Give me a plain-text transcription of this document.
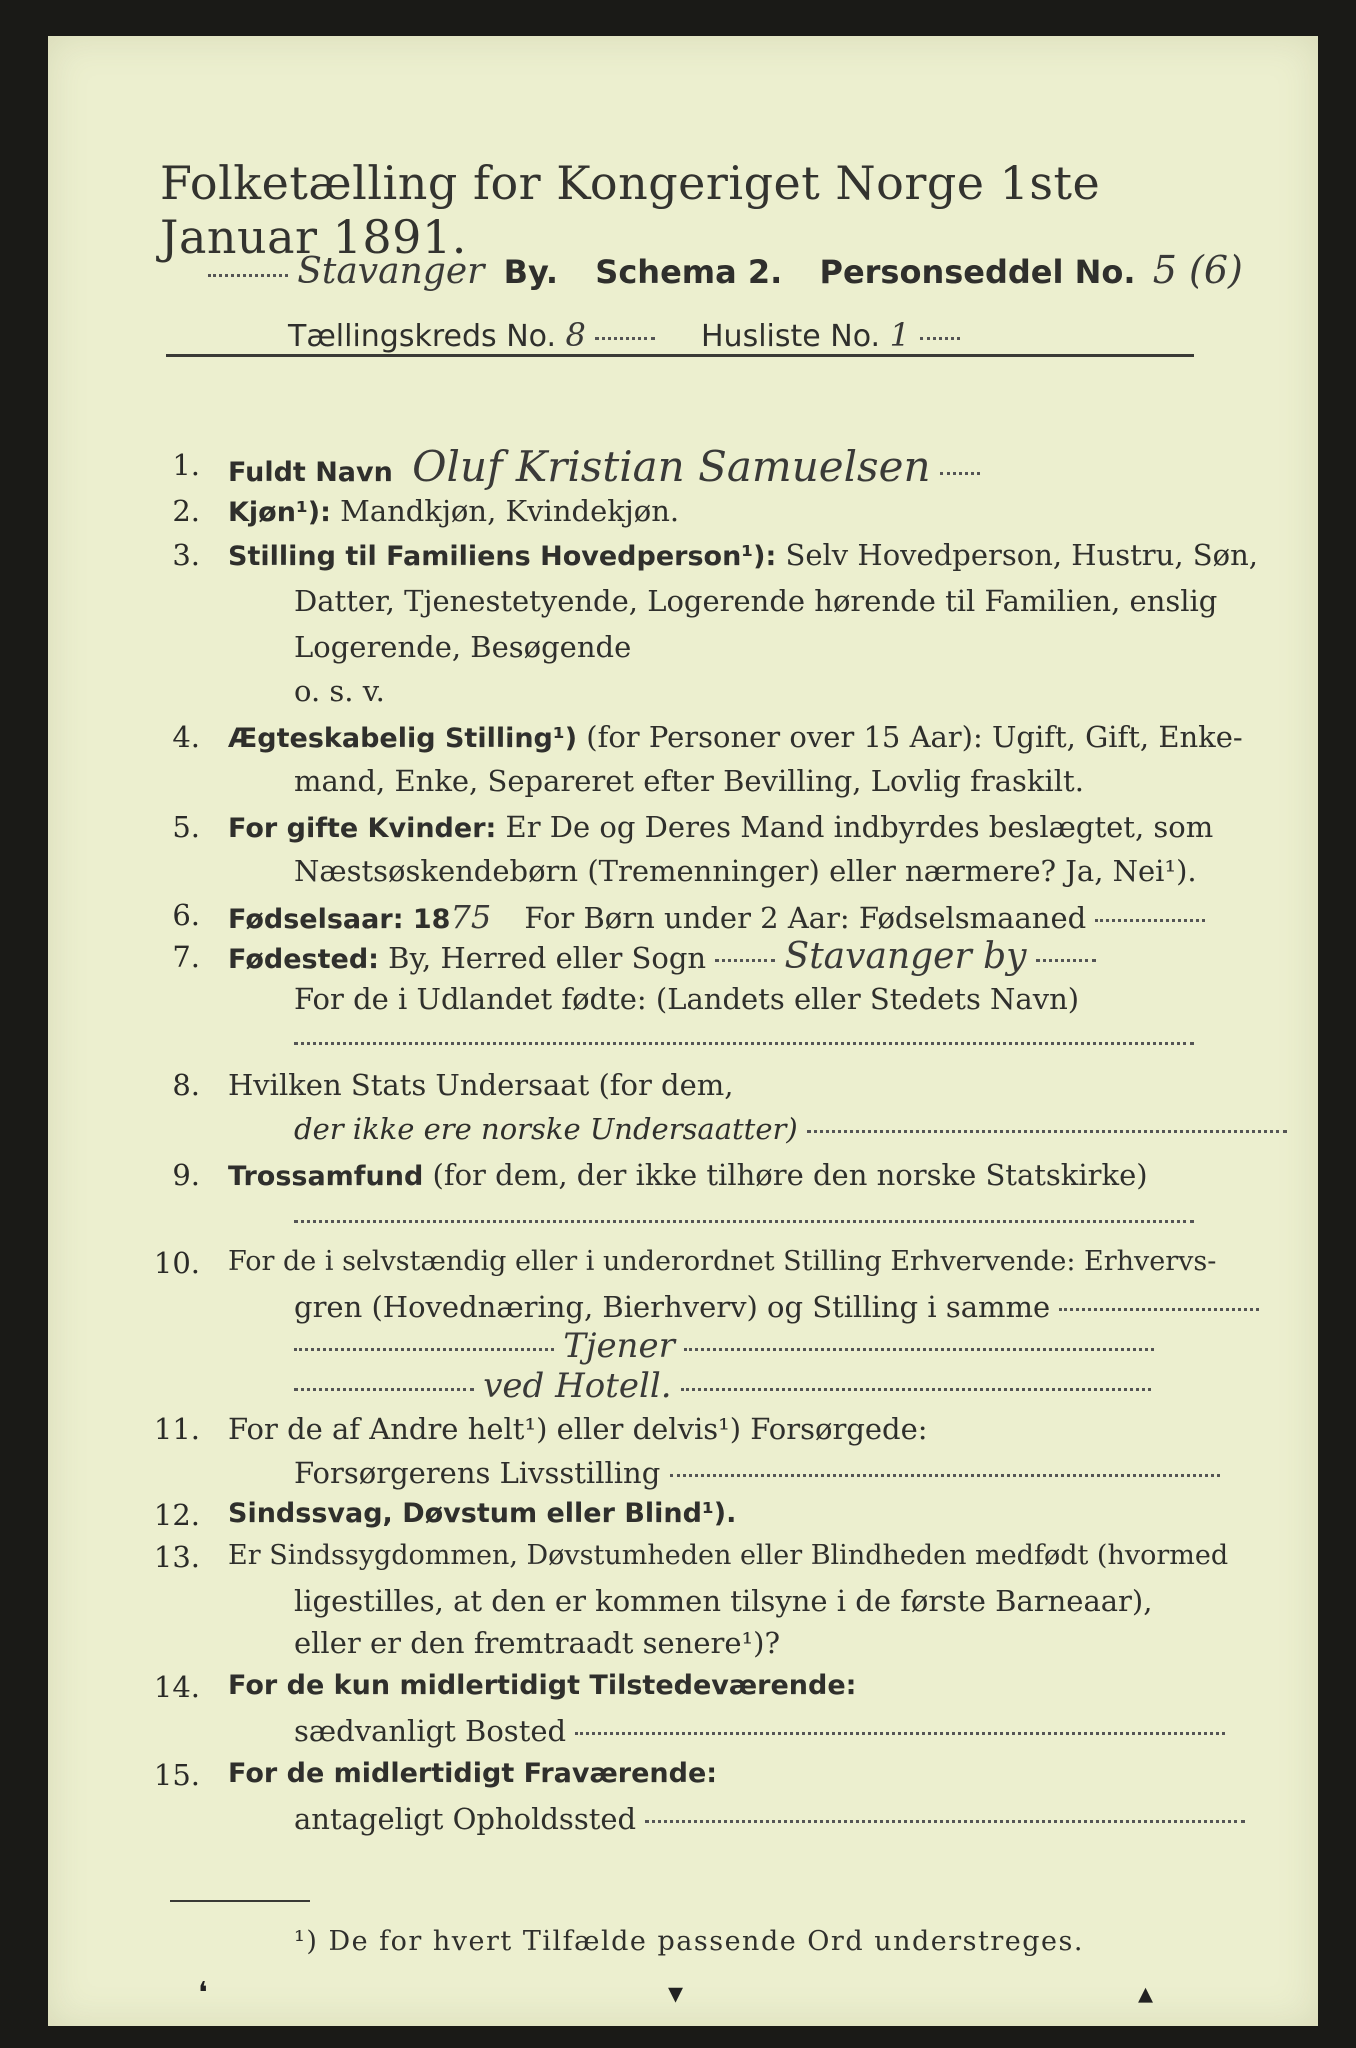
Folketælling for Kongeriget Norge 1ste Januar 1891.
Stavanger By. Schema 2. Personseddel No. 5 (6)
Tællingskreds No. 8	Husliste No. 1
1. Fuldt Navn Oluf Kristian Samuelsen
2. Kjøn¹): Mandkjøn, Kvindekjøn.
3. Stilling til Familiens Hovedperson¹): Selv Hovedperson, Hustru, Søn,
Datter, Tjenestetyende, Logerende hørende til Familien, enslig
Logerende, Besøgende
o. s. v.
4. Ægteskabelig Stilling¹) (for Personer over 15 Aar): Ugift, Gift, Enke-
mand, Enke, Separeret efter Bevilling, Lovlig fraskilt.
5. For gifte Kvinder: Er De og Deres Mand indbyrdes beslægtet, som
Næstsøskendebørn (Tremenninger) eller nærmere? Ja, Nei¹).
6. Fødselsaar: 1875 For Børn under 2 Aar: Fødselsmaaned
7. Fødested: By, Herred eller Sogn Stavanger by
For de i Udlandet fødte: (Landets eller Stedets Navn)
8. Hvilken Stats Undersaat (for dem,
der ikke ere norske Undersaatter)
9. Trossamfund (for dem, der ikke tilhøre den norske Statskirke)
10. For de i selvstændig eller i underordnet Stilling Erhvervende: Erhvervs-
gren (Hovednæring, Bierhverv) og Stilling i samme
Tjener
ved Hotell.
11. For de af Andre helt¹) eller delvis¹) Forsørgede:
Forsørgerens Livsstilling
12. Sindssvag, Døvstum eller Blind¹).
13. Er Sindssygdommen, Døvstumheden eller Blindheden medfødt (hvormed
ligestilles, at den er kommen tilsyne i de første Barneaar),
eller er den fremtraadt senere¹)?
14. For de kun midlertidigt Tilstedeværende:
sædvanligt Bosted
15. For de midlertidigt Fraværende:
antageligt Opholdssted
¹) De for hvert Tilfælde passende Ord understreges.
❛	▾	▴
